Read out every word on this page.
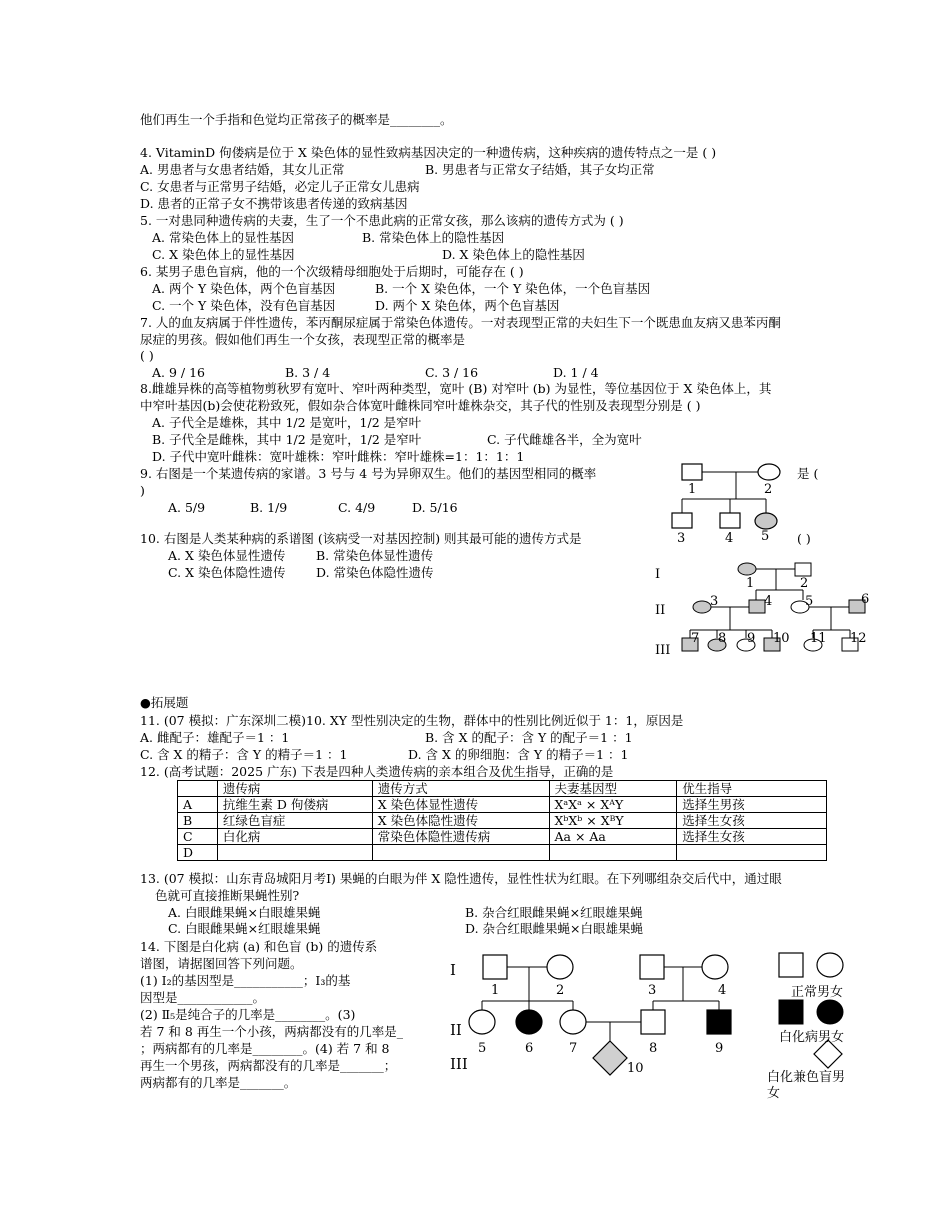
他们再生一个手指和色觉均正常孩子的概率是________。
4. VitaminD 佝偻病是位于 X 染色体的显性致病基因决定的一种遗传病，这种疾病的遗传特点之一是 ( )
A. 男患者与女患者结婚，其女儿正常	B. 男患者与正常女子结婚，其子女均正常
C. 女患者与正常男子结婚，必定儿子正常女儿患病
D. 患者的正常子女不携带该患者传递的致病基因
5. 一对患同种遗传病的夫妻，生了一个不患此病的正常女孩，那么该病的遗传方式为 ( )
A. 常染色体上的显性基因	B. 常染色体上的隐性基因
C. X 染色体上的显性基因	D. X 染色体上的隐性基因
6. 某男子患色盲病，他的一个次级精母细胞处于后期时，可能存在 ( )
A. 两个 Y 染色体，两个色盲基因	B. 一个 X 染色体，一个 Y 染色体，一个色盲基因
C. 一个 Y 染色体，没有色盲基因	D. 两个 X 染色体，两个色盲基因
7. 人的血友病属于伴性遗传，苯丙酮尿症属于常染色体遗传。一对表现型正常的夫妇生下一个既患血友病又患苯丙酮
尿症的男孩。假如他们再生一个女孩，表现型正常的概率是
( )
A. 9 / 16	B. 3 / 4	C. 3 / 16	D. 1 / 4
8.雌雄异株的高等植物剪秋罗有宽叶、窄叶两种类型，宽叶 (B) 对窄叶 (b) 为显性，等位基因位于 X 染色体上，其
中窄叶基因(b)会使花粉致死，假如杂合体宽叶雌株同窄叶雄株杂交，其子代的性别及表现型分别是 ( )
A. 子代全是雄株，其中 1/2 是宽叶，1/2 是窄叶
B. 子代全是雌株，其中 1/2 是宽叶，1/2 是窄叶	C. 子代雌雄各半，全为宽叶
D. 子代中宽叶雌株：宽叶雄株：窄叶雌株：窄叶雄株=1：1：1：1
9. 右图是一个某遗传病的家谱。3 号与 4 号为异卵双生。他们的基因型相同的概率	是 (
)
A. 5/9	B. 1/9	C. 4/9	D. 5/16
10. 右图是人类某种病的系谱图 (该病受一对基因控制) 则其最可能的遗传方式是	( )
A. X 染色体显性遗传 B. 常染色体显性遗传
C. X 染色体隐性遗传 D. 常染色体隐性遗传
1	2
3	4 5
I
II
III
1	2
3	4	5	6
7 8 9 10 11 12
●拓展题
11. (07 模拟：广东深圳二模)10. XY 型性别决定的生物，群体中的性别比例近似于 1：1，原因是
A. 雌配子：雄配子＝1 ：1	B. 含 X 的配子：含 Y 的配子＝1 ：1
C. 含 X 的精子：含 Y 的精子＝1 ：1	D. 含 X 的卵细胞：含 Y 的精子＝1 ：1
12. (高考试题：2025 广东) 下表是四种人类遗传病的亲本组合及优生指导，正确的是
	遗传病	遗传方式	夫妻基因型	优生指导
A	抗维生素 D 佝偻病	X 染色体显性遗传	XᵃXᵃ × XᴬY	选择生男孩
B	红绿色盲症	X 染色体隐性遗传	XᵇXᵇ × XᴮY	选择生女孩
C	白化病	常染色体隐性遗传病	Aa × Aa	选择生女孩
D				
13. (07 模拟：山东青岛城阳月考Ⅰ) 果蝇的白眼为伴 X 隐性遗传，显性性状为红眼。在下列哪组杂交后代中，通过眼
色就可直接推断果蝇性别?
A. 白眼雌果蝇×白眼雄果蝇	B. 杂合红眼雌果蝇×红眼雄果蝇
C. 白眼雌果蝇×红眼雄果蝇	D. 杂合红眼雌果蝇×白眼雄果蝇
14. 下图是白化病 (a) 和色盲 (b) 的遗传系
谱图，请据图回答下列问题。
(1) Ⅰ₂的基因型是___________；Ⅰ₃的基
因型是____________。
(2) Ⅱ₅是纯合子的几率是________。(3)
若 7 和 8 再生一个小孩，两病都没有的几率是_
；两病都有的几率是________。(4) 若 7 和 8
再生一个男孩，两病都没有的几率是_______；
两病都有的几率是_______。
I
II
III
1	2	3	4
5	6	7	8	9
10
正常男女
白化病男女
白化兼色盲男
女
